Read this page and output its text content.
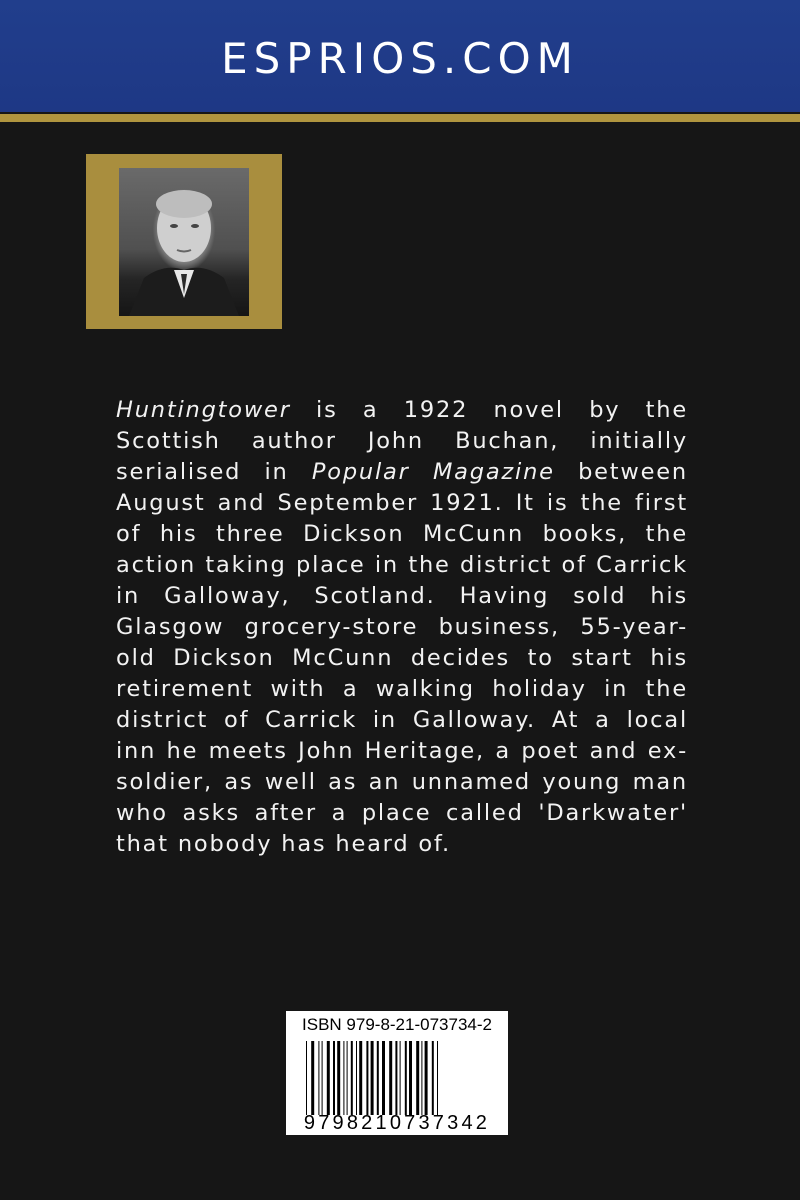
ESPRIOS.COM

Huntingtower is a 1922 novel by the Scottish author John Buchan, initially serialised in Popular Magazine between August and September 1921. It is the first of his three Dickson McCunn books, the action taking place in the district of Carrick in Galloway, Scotland. Having sold his Glasgow grocery-store business, 55-year-old Dickson McCunn decides to start his retirement with a walking holiday in the district of Carrick in Galloway. At a local inn he meets John Heritage, a poet and ex-soldier, as well as an unnamed young man who asks after a place called 'Darkwater' that nobody has heard of.

ISBN 979-8-21-073734-2
9798210737342
